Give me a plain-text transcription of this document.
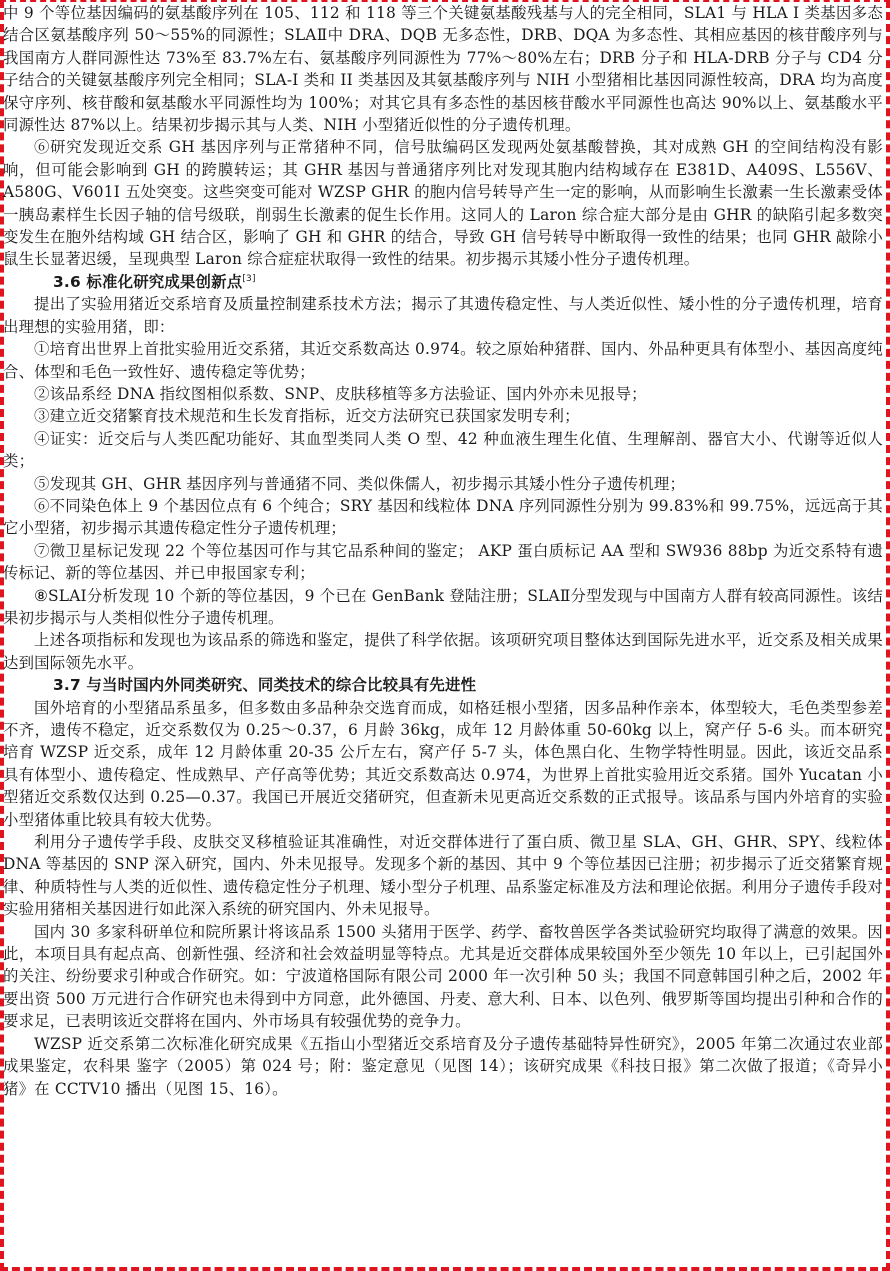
中 9 个等位基因编码的氨基酸序列在 105、112 和 118 等三个关键氨基酸残基与人的完全相同，SLA1 与 HLA Ⅰ 类基因多态结合区氨基酸序列 50～55%的同源性；SLAⅡ中 DRA、DQB 无多态性，DRB、DQA 为多态性、其相应基因的核苷酸序列与我国南方人群同源性达 73%至 83.7%左右、氨基酸序列同源性为 77%～80%左右；DRB 分子和 HLA-DRB 分子与 CD4 分子结合的关键氨基酸序列完全相同；SLA-I 类和 II 类基因及其氨基酸序列与 NIH 小型猪相比基因同源性较高，DRA 均为高度保守序列、核苷酸和氨基酸水平同源性均为 100%；对其它具有多态性的基因核苷酸水平同源性也高达 90%以上、氨基酸水平同源性达 87%以上。结果初步揭示其与人类、NIH 小型猪近似性的分子遗传机理。

⑥研究发现近交系 GH 基因序列与正常猪种不同，信号肽编码区发现两处氨基酸替换，其对成熟 GH 的空间结构没有影响，但可能会影响到 GH 的跨膜转运；其 GHR 基因与普通猪序列比对发现其胞内结构域存在 E381D、A409S、L556V、A580G、V601I 五处突变。这些突变可能对 WZSP GHR 的胞内信号转导产生一定的影响，从而影响生长激素一生长激素受体一胰岛素样生长因子轴的信号级联，削弱生长激素的促生长作用。这同人的 Laron 综合症大部分是由 GHR 的缺陷引起多数突变发生在胞外结构域 GH 结合区，影响了 GH 和 GHR 的结合，导致 GH 信号转导中断取得一致性的结果；也同 GHR 敲除小鼠生长显著迟缓，呈现典型 Laron 综合症症状取得一致性的结果。初步揭示其矮小性分子遗传机理。

3.6 标准化研究成果创新点[3]

提出了实验用猪近交系培育及质量控制建系技术方法；揭示了其遗传稳定性、与人类近似性、矮小性的分子遗传机理，培育出理想的实验用猪，即：

①培育出世界上首批实验用近交系猪，其近交系数高达 0.974。较之原始种猪群、国内、外品种更具有体型小、基因高度纯合、体型和毛色一致性好、遗传稳定等优势；

②该品系经 DNA 指纹图相似系数、SNP、皮肤移植等多方法验证、国内外亦未见报导；

③建立近交猪繁育技术规范和生长发育指标，近交方法研究已获国家发明专利；

④证实：近交后与人类匹配功能好、其血型类同人类 O 型、42 种血液生理生化值、生理解剖、器官大小、代谢等近似人类；

⑤发现其 GH、GHR 基因序列与普通猪不同、类似侏儒人，初步揭示其矮小性分子遗传机理；

⑥不同染色体上 9 个基因位点有 6 个纯合；SRY 基因和线粒体 DNA 序列同源性分别为 99.83%和 99.75%，远远高于其它小型猪，初步揭示其遗传稳定性分子遗传机理；

⑦微卫星标记发现 22 个等位基因可作与其它品系种间的鉴定； AKP 蛋白质标记 AA 型和 SW936 88bp 为近交系特有遗传标记、新的等位基因、并已申报国家专利；

⑧SLAⅠ分析发现 10 个新的等位基因，9 个已在 GenBank 登陆注册；SLAⅡ分型发现与中国南方人群有较高同源性。该结果初步揭示与人类相似性分子遗传机理。

上述各项指标和发现也为该品系的筛选和鉴定，提供了科学依据。该项研究项目整体达到国际先进水平，近交系及相关成果达到国际领先水平。

3.7 与当时国内外同类研究、同类技术的综合比较具有先进性

国外培育的小型猪品系虽多，但多数由多品种杂交选育而成，如格廷根小型猪，因多品种作亲本，体型较大，毛色类型参差不齐，遗传不稳定，近交系数仅为 0.25～0.37，6 月龄 36kg，成年 12 月龄体重 50-60kg 以上，窝产仔 5-6 头。而本研究培育 WZSP 近交系，成年 12 月龄体重 20-35 公斤左右，窝产仔 5-7 头，体色黑白化、生物学特性明显。因此，该近交品系具有体型小、遗传稳定、性成熟早、产仔高等优势；其近交系数高达 0.974，为世界上首批实验用近交系猪。国外 Yucatan 小型猪近交系数仅达到 0.25—0.37。我国已开展近交猪研究，但查新未见更高近交系数的正式报导。该品系与国内外培育的实验小型猪体重比较具有较大优势。

利用分子遗传学手段、皮肤交叉移植验证其准确性，对近交群体进行了蛋白质、微卫星 SLA、GH、GHR、SPY、线粒体 DNA 等基因的 SNP 深入研究，国内、外未见报导。发现多个新的基因、其中 9 个等位基因已注册；初步揭示了近交猪繁育规律、种质特性与人类的近似性、遗传稳定性分子机理、矮小型分子机理、品系鉴定标准及方法和理论依据。利用分子遗传手段对实验用猪相关基因进行如此深入系统的研究国内、外未见报导。

国内 30 多家科研单位和院所累计将该品系 1500 头猪用于医学、药学、畜牧兽医学各类试验研究均取得了满意的效果。因此，本项目具有起点高、创新性强、经济和社会效益明显等特点。尤其是近交群体成果较国外至少领先 10 年以上，已引起国外的关注、纷纷要求引种或合作研究。如：宁波道格国际有限公司 2000 年一次引种 50 头；我国不同意韩国引种之后，2002 年要出资 500 万元进行合作研究也未得到中方同意，此外德国、丹麦、意大利、日本、以色列、俄罗斯等国均提出引种和合作的要求足，已表明该近交群将在国内、外市场具有较强优势的竞争力。

WZSP 近交系第二次标准化研究成果《五指山小型猪近交系培育及分子遗传基础特异性研究》，2005 年第二次通过农业部成果鉴定，农科果 鉴字（2005）第 024 号；附：鉴定意见（见图 14）；该研究成果《科技日报》第二次做了报道；《奇异小猪》在 CCTV10 播出（见图 15、16）。
